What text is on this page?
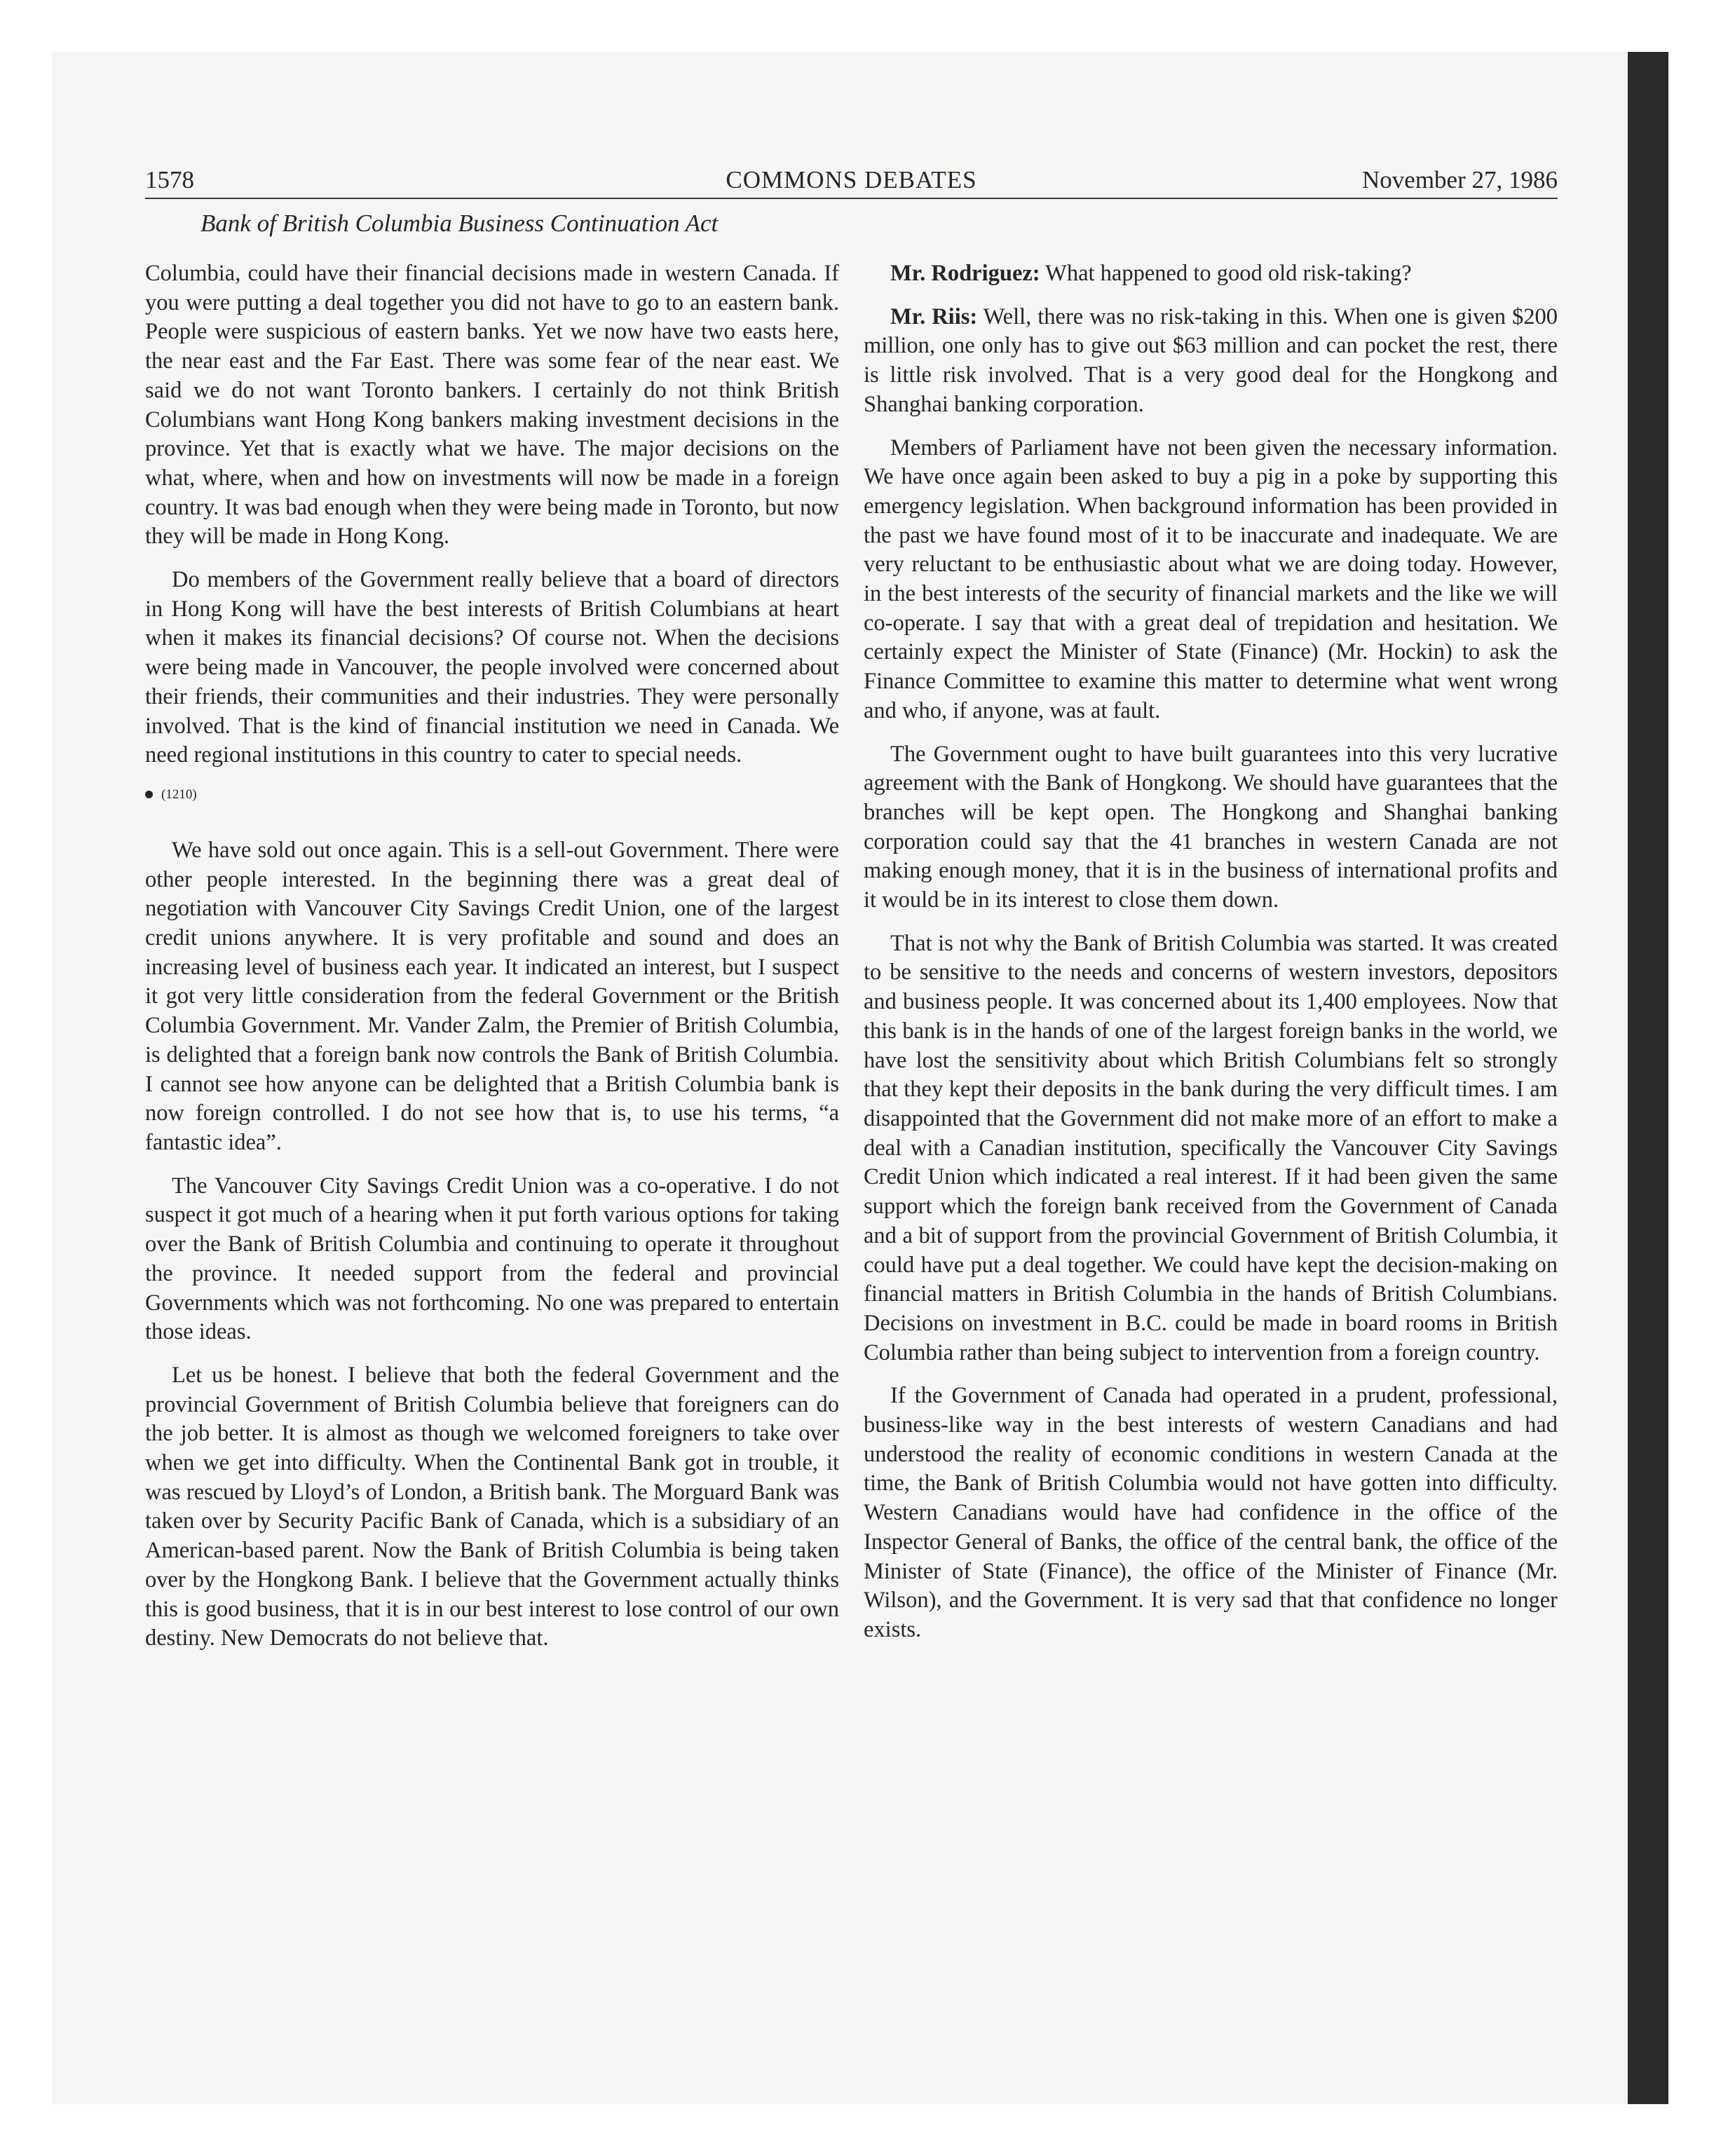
1578	COMMONS DEBATES	November 27, 1986
Bank of British Columbia Business Continuation Act

Columbia, could have their financial decisions made in western Canada. If you were putting a deal together you did not have to go to an eastern bank. People were suspicious of eastern banks. Yet we now have two easts here, the near east and the Far East. There was some fear of the near east. We said we do not want Toronto bankers. I certainly do not think British Columbians want Hong Kong bankers making investment decisions in the province. Yet that is exactly what we have. The major decisions on the what, where, when and how on investments will now be made in a foreign country. It was bad enough when they were being made in Toronto, but now they will be made in Hong Kong.

Do members of the Government really believe that a board of directors in Hong Kong will have the best interests of British Columbians at heart when it makes its financial decisions? Of course not. When the decisions were being made in Vancouver, the people involved were concerned about their friends, their communities and their industries. They were personally involved. That is the kind of financial institution we need in Canada. We need regional institutions in this country to cater to special needs.

(1210)

We have sold out once again. This is a sell-out Government. There were other people interested. In the beginning there was a great deal of negotiation with Vancouver City Savings Credit Union, one of the largest credit unions anywhere. It is very profitable and sound and does an increasing level of business each year. It indicated an interest, but I suspect it got very little consideration from the federal Government or the British Columbia Government. Mr. Vander Zalm, the Premier of British Columbia, is delighted that a foreign bank now controls the Bank of British Columbia. I cannot see how anyone can be delighted that a British Columbia bank is now foreign controlled. I do not see how that is, to use his terms, “a fantastic idea”.

The Vancouver City Savings Credit Union was a co-operative. I do not suspect it got much of a hearing when it put forth various options for taking over the Bank of British Columbia and continuing to operate it throughout the province. It needed support from the federal and provincial Governments which was not forthcoming. No one was prepared to entertain those ideas.

Let us be honest. I believe that both the federal Government and the provincial Government of British Columbia believe that foreigners can do the job better. It is almost as though we welcomed foreigners to take over when we get into difficulty. When the Continental Bank got in trouble, it was rescued by Lloyd’s of London, a British bank. The Morguard Bank was taken over by Security Pacific Bank of Canada, which is a subsidiary of an American-based parent. Now the Bank of British Columbia is being taken over by the Hongkong Bank. I believe that the Government actually thinks this is good business, that it is in our best interest to lose control of our own destiny. New Democrats do not believe that.

Mr. Rodriguez: What happened to good old risk-taking?

Mr. Riis: Well, there was no risk-taking in this. When one is given $200 million, one only has to give out $63 million and can pocket the rest, there is little risk involved. That is a very good deal for the Hongkong and Shanghai banking corporation.

Members of Parliament have not been given the necessary information. We have once again been asked to buy a pig in a poke by supporting this emergency legislation. When background information has been provided in the past we have found most of it to be inaccurate and inadequate. We are very reluctant to be enthusiastic about what we are doing today. However, in the best interests of the security of financial markets and the like we will co-operate. I say that with a great deal of trepidation and hesitation. We certainly expect the Minister of State (Finance) (Mr. Hockin) to ask the Finance Committee to examine this matter to determine what went wrong and who, if anyone, was at fault.

The Government ought to have built guarantees into this very lucrative agreement with the Bank of Hongkong. We should have guarantees that the branches will be kept open. The Hongkong and Shanghai banking corporation could say that the 41 branches in western Canada are not making enough money, that it is in the business of international profits and it would be in its interest to close them down.

That is not why the Bank of British Columbia was started. It was created to be sensitive to the needs and concerns of western investors, depositors and business people. It was concerned about its 1,400 employees. Now that this bank is in the hands of one of the largest foreign banks in the world, we have lost the sensitivity about which British Columbians felt so strongly that they kept their deposits in the bank during the very difficult times. I am disappointed that the Government did not make more of an effort to make a deal with a Canadian institution, specifically the Vancouver City Savings Credit Union which indicated a real interest. If it had been given the same support which the foreign bank received from the Government of Canada and a bit of support from the provincial Government of British Columbia, it could have put a deal together. We could have kept the decision-making on financial matters in British Columbia in the hands of British Columbians. Decisions on investment in B.C. could be made in board rooms in British Columbia rather than being subject to intervention from a foreign country.

If the Government of Canada had operated in a prudent, professional, business-like way in the best interests of western Canadians and had understood the reality of economic conditions in western Canada at the time, the Bank of British Columbia would not have gotten into difficulty. Western Canadians would have had confidence in the office of the Inspector General of Banks, the office of the central bank, the office of the Minister of State (Finance), the office of the Minister of Finance (Mr. Wilson), and the Government. It is very sad that that confidence no longer exists.
